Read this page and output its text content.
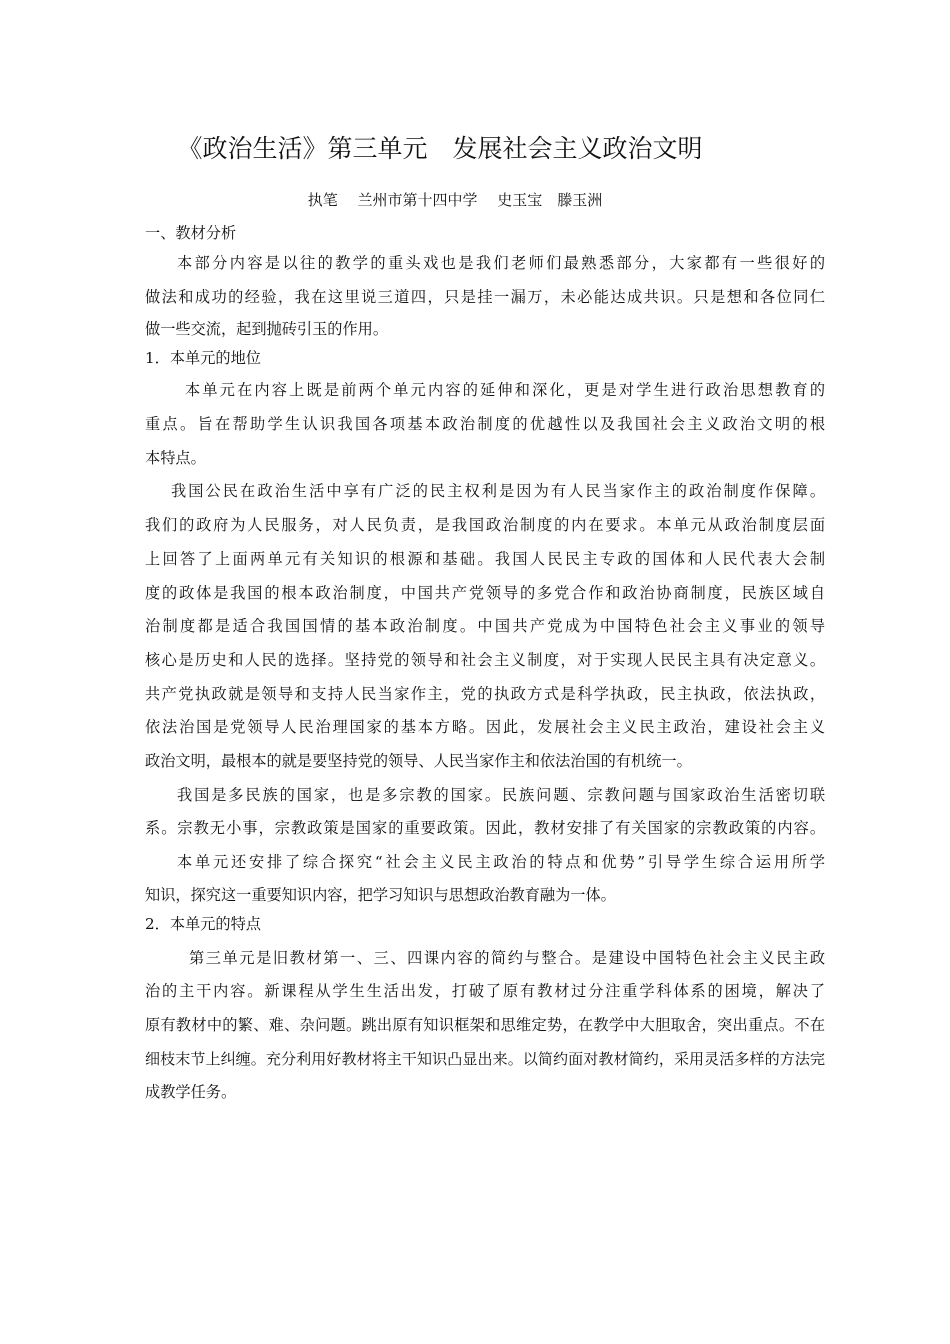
《政治生活》第三单元　发展社会主义政治文明
执笔　 兰州市第十四中学　 史玉宝　滕玉洲
一、教材分析
本部分内容是以往的教学的重头戏也是我们老师们最熟悉部分，大家都有一些很好的
做法和成功的经验，我在这里说三道四，只是挂一漏万，未必能达成共识。只是想和各位同仁
做一些交流，起到抛砖引玉的作用。
1．本单元的地位
本单元在内容上既是前两个单元内容的延伸和深化，更是对学生进行政治思想教育的
重点。旨在帮助学生认识我国各项基本政治制度的优越性以及我国社会主义政治文明的根
本特点。
我国公民在政治生活中享有广泛的民主权利是因为有人民当家作主的政治制度作保障。
我们的政府为人民服务，对人民负责，是我国政治制度的内在要求。本单元从政治制度层面
上回答了上面两单元有关知识的根源和基础。我国人民民主专政的国体和人民代表大会制
度的政体是我国的根本政治制度，中国共产党领导的多党合作和政治协商制度，民族区域自
治制度都是适合我国国情的基本政治制度。中国共产党成为中国特色社会主义事业的领导
核心是历史和人民的选择。坚持党的领导和社会主义制度，对于实现人民民主具有决定意义。
共产党执政就是领导和支持人民当家作主，党的执政方式是科学执政，民主执政，依法执政，
依法治国是党领导人民治理国家的基本方略。因此，发展社会主义民主政治，建设社会主义
政治文明，最根本的就是要坚持党的领导、人民当家作主和依法治国的有机统一。
我国是多民族的国家，也是多宗教的国家。民族问题、宗教问题与国家政治生活密切联
系。宗教无小事，宗教政策是国家的重要政策。因此，教材安排了有关国家的宗教政策的内容。
本单元还安排了综合探究“社会主义民主政治的特点和优势”引导学生综合运用所学
知识，探究这一重要知识内容，把学习知识与思想政治教育融为一体。
2．本单元的特点
第三单元是旧教材第一、三、四课内容的简约与整合。是建设中国特色社会主义民主政
治的主干内容。新课程从学生生活出发，打破了原有教材过分注重学科体系的困境，解决了
原有教材中的繁、难、杂问题。跳出原有知识框架和思维定势，在教学中大胆取舍，突出重点。不在
细枝末节上纠缠。充分利用好教材将主干知识凸显出来。以简约面对教材简约，采用灵活多样的方法完
成教学任务。
